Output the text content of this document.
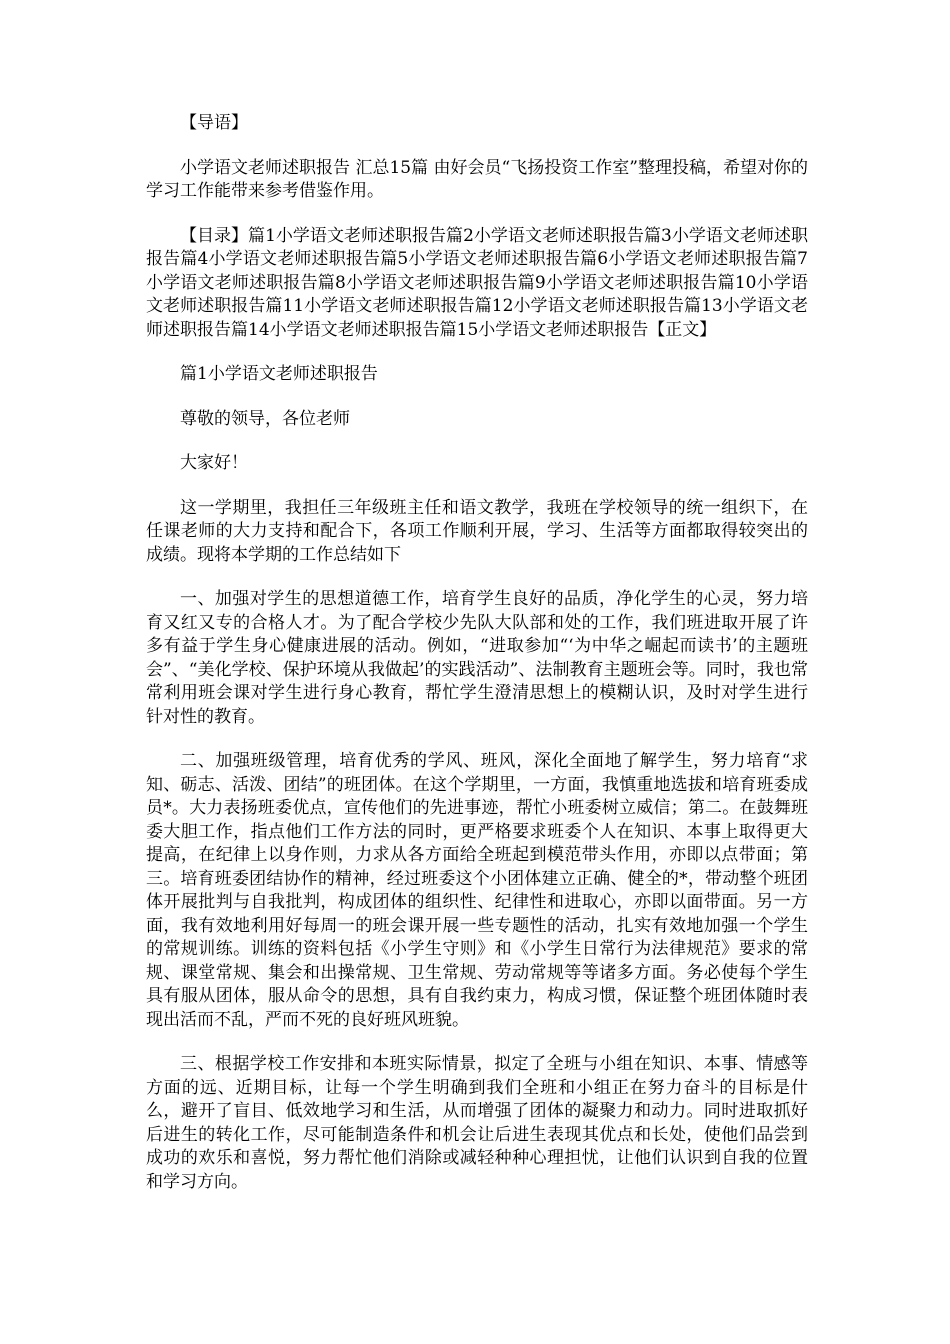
【导语】

小学语文老师述职报告 汇总15篇 由好会员“飞扬投资工作室”整理投稿，希望对你的学习工作能带来参考借鉴作用。

【目录】篇1小学语文老师述职报告篇2小学语文老师述职报告篇3小学语文老师述职报告篇4小学语文老师述职报告篇5小学语文老师述职报告篇6小学语文老师述职报告篇7小学语文老师述职报告篇8小学语文老师述职报告篇9小学语文老师述职报告篇10小学语文老师述职报告篇11小学语文老师述职报告篇12小学语文老师述职报告篇13小学语文老师述职报告篇14小学语文老师述职报告篇15小学语文老师述职报告【正文】

篇1小学语文老师述职报告

尊敬的领导，各位老师

大家好！

这一学期里，我担任三年级班主任和语文教学，我班在学校领导的统一组织下，在任课老师的大力支持和配合下，各项工作顺利开展，学习、生活等方面都取得较突出的成绩。现将本学期的工作总结如下

一、加强对学生的思想道德工作，培育学生良好的品质，净化学生的心灵，努力培育又红又专的合格人才。为了配合学校少先队大队部和处的工作，我们班进取开展了许多有益于学生身心健康进展的活动。例如，“进取参加“‘为中华之崛起而读书’的主题班会”、“美化学校、保护环境从我做起’的实践活动”、法制教育主题班会等。同时，我也常常利用班会课对学生进行身心教育，帮忙学生澄清思想上的模糊认识，及时对学生进行针对性的教育。

二、加强班级管理，培育优秀的学风、班风，深化全面地了解学生，努力培育“求知、砺志、活泼、团结”的班团体。在这个学期里，一方面，我慎重地选拔和培育班委成员*。大力表扬班委优点，宣传他们的先进事迹，帮忙小班委树立威信；第二。在鼓舞班委大胆工作，指点他们工作方法的同时，更严格要求班委个人在知识、本事上取得更大提高，在纪律上以身作则，力求从各方面给全班起到模范带头作用，亦即以点带面；第三。培育班委团结协作的精神，经过班委这个小团体建立正确、健全的*，带动整个班团体开展批判与自我批判，构成团体的组织性、纪律性和进取心，亦即以面带面。另一方面，我有效地利用好每周一的班会课开展一些专题性的活动，扎实有效地加强一个学生的常规训练。训练的资料包括《小学生守则》和《小学生日常行为法律规范》要求的常规、课堂常规、集会和出操常规、卫生常规、劳动常规等等诸多方面。务必使每个学生具有服从团体，服从命令的思想，具有自我约束力，构成习惯，保证整个班团体随时表现出活而不乱，严而不死的良好班风班貌。

三、根据学校工作安排和本班实际情景，拟定了全班与小组在知识、本事、情感等方面的远、近期目标，让每一个学生明确到我们全班和小组正在努力奋斗的目标是什么，避开了盲目、低效地学习和生活，从而增强了团体的凝聚力和动力。同时进取抓好后进生的转化工作，尽可能制造条件和机会让后进生表现其优点和长处，使他们品尝到成功的欢乐和喜悦，努力帮忙他们消除或减轻种种心理担忧，让他们认识到自我的位置和学习方向。
